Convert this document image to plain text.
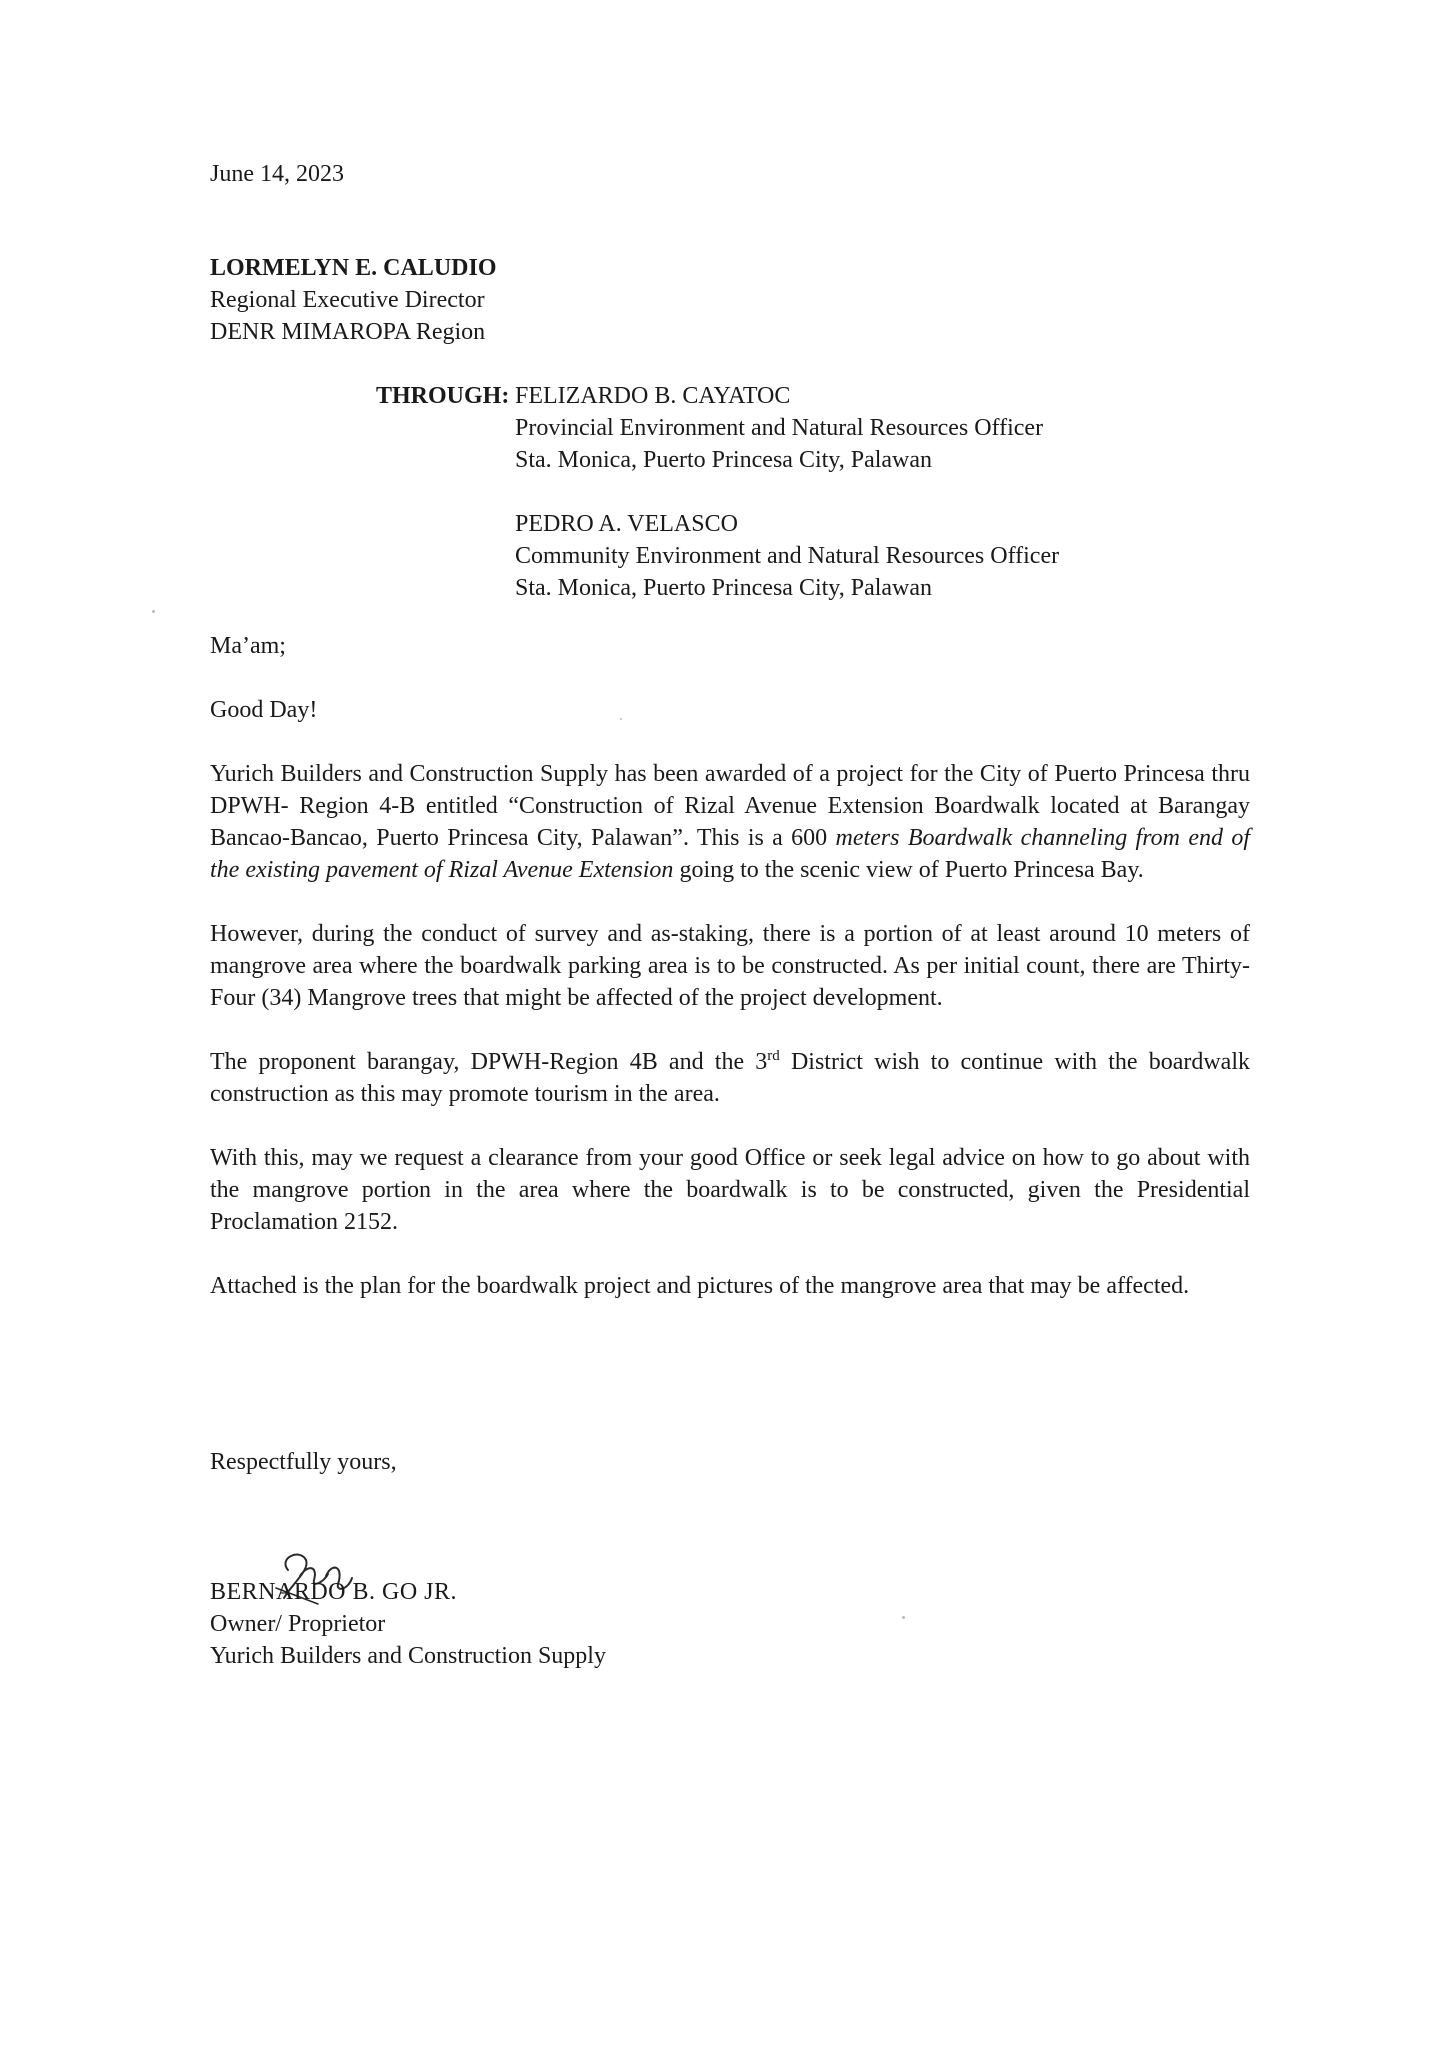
June 14, 2023
LORMELYN E. CALUDIO
Regional Executive Director
DENR MIMAROPA Region
THROUGH: FELIZARDO B. CAYATOC
Provincial Environment and Natural Resources Officer
Sta. Monica, Puerto Princesa City, Palawan
PEDRO A. VELASCO
Community Environment and Natural Resources Officer
Sta. Monica, Puerto Princesa City, Palawan
Ma’am;
Good Day!

Yurich Builders and Construction Supply has been awarded of a project for the City of Puerto Princesa thru DPWH- Region 4-B entitled “Construction of Rizal Avenue Extension Boardwalk located at Barangay Bancao-Bancao, Puerto Princesa City, Palawan”. This is a 600 meters Boardwalk channeling from end of the existing pavement of Rizal Avenue Extension going to the scenic view of Puerto Princesa Bay.

However, during the conduct of survey and as-staking, there is a portion of at least around 10 meters of mangrove area where the boardwalk parking area is to be constructed. As per initial count, there are Thirty-Four (34) Mangrove trees that might be affected of the project development.

The proponent barangay, DPWH-Region 4B and the 3rd District wish to continue with the boardwalk construction as this may promote tourism in the area.

With this, may we request a clearance from your good Office or seek legal advice on how to go about with the mangrove portion in the area where the boardwalk is to be constructed, given the Presidential Proclamation 2152.

Attached is the plan for the boardwalk project and pictures of the mangrove area that may be affected.

Respectfully yours,
BERNARDO B. GO JR.
Owner/ Proprietor
Yurich Builders and Construction Supply
